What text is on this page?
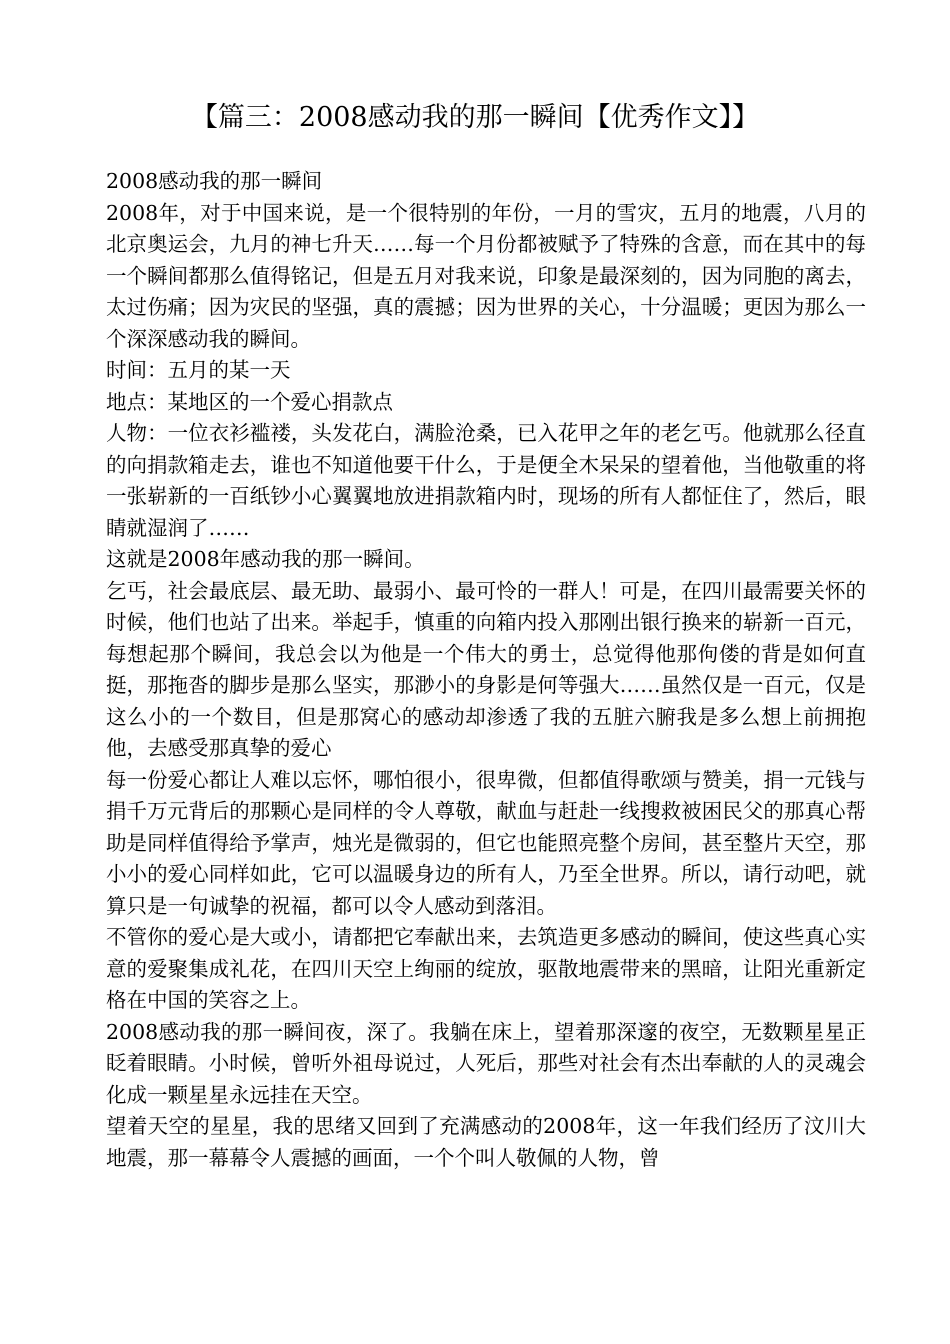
【篇三：2008感动我的那一瞬间【优秀作文】】

2008感动我的那一瞬间

2008年，对于中国来说，是一个很特别的年份，一月的雪灾，五月的地震，八月的北京奥运会，九月的神七升天……每一个月份都被赋予了特殊的含意，而在其中的每一个瞬间都那么值得铭记，但是五月对我来说，印象是最深刻的，因为同胞的离去，太过伤痛；因为灾民的坚强，真的震撼；因为世界的关心，十分温暖；更因为那么一个深深感动我的瞬间。

时间：五月的某一天

地点：某地区的一个爱心捐款点

人物：一位衣衫褴褛，头发花白，满脸沧桑，已入花甲之年的老乞丐。他就那么径直的向捐款箱走去，谁也不知道他要干什么，于是便全木呆呆的望着他，当他敬重的将一张崭新的一百纸钞小心翼翼地放进捐款箱内时，现场的所有人都怔住了，然后，眼睛就湿润了……

这就是2008年感动我的那一瞬间。

乞丐，社会最底层、最无助、最弱小、最可怜的一群人！可是，在四川最需要关怀的时候，他们也站了出来。举起手，慎重的向箱内投入那刚出银行换来的崭新一百元，每想起那个瞬间，我总会以为他是一个伟大的勇士，总觉得他那佝偻的背是如何直挺，那拖沓的脚步是那么坚实，那渺小的身影是何等强大……虽然仅是一百元，仅是这么小的一个数目，但是那窝心的感动却渗透了我的五脏六腑我是多么想上前拥抱他，去感受那真挚的爱心

每一份爱心都让人难以忘怀，哪怕很小，很卑微，但都值得歌颂与赞美，捐一元钱与捐千万元背后的那颗心是同样的令人尊敬，献血与赶赴一线搜救被困民父的那真心帮助是同样值得给予掌声，烛光是微弱的，但它也能照亮整个房间，甚至整片天空，那小小的爱心同样如此，它可以温暖身边的所有人，乃至全世界。所以，请行动吧，就算只是一句诚挚的祝福，都可以令人感动到落泪。

不管你的爱心是大或小，请都把它奉献出来，去筑造更多感动的瞬间，使这些真心实意的爱聚集成礼花，在四川天空上绚丽的绽放，驱散地震带来的黑暗，让阳光重新定格在中国的笑容之上。

2008感动我的那一瞬间夜，深了。我躺在床上，望着那深邃的夜空，无数颗星星正眨着眼睛。小时候，曾听外祖母说过，人死后，那些对社会有杰出奉献的人的灵魂会化成一颗星星永远挂在天空。

望着天空的星星，我的思绪又回到了充满感动的2008年，这一年我们经历了汶川大地震，那一幕幕令人震撼的画面，一个个叫人敬佩的人物，曾
